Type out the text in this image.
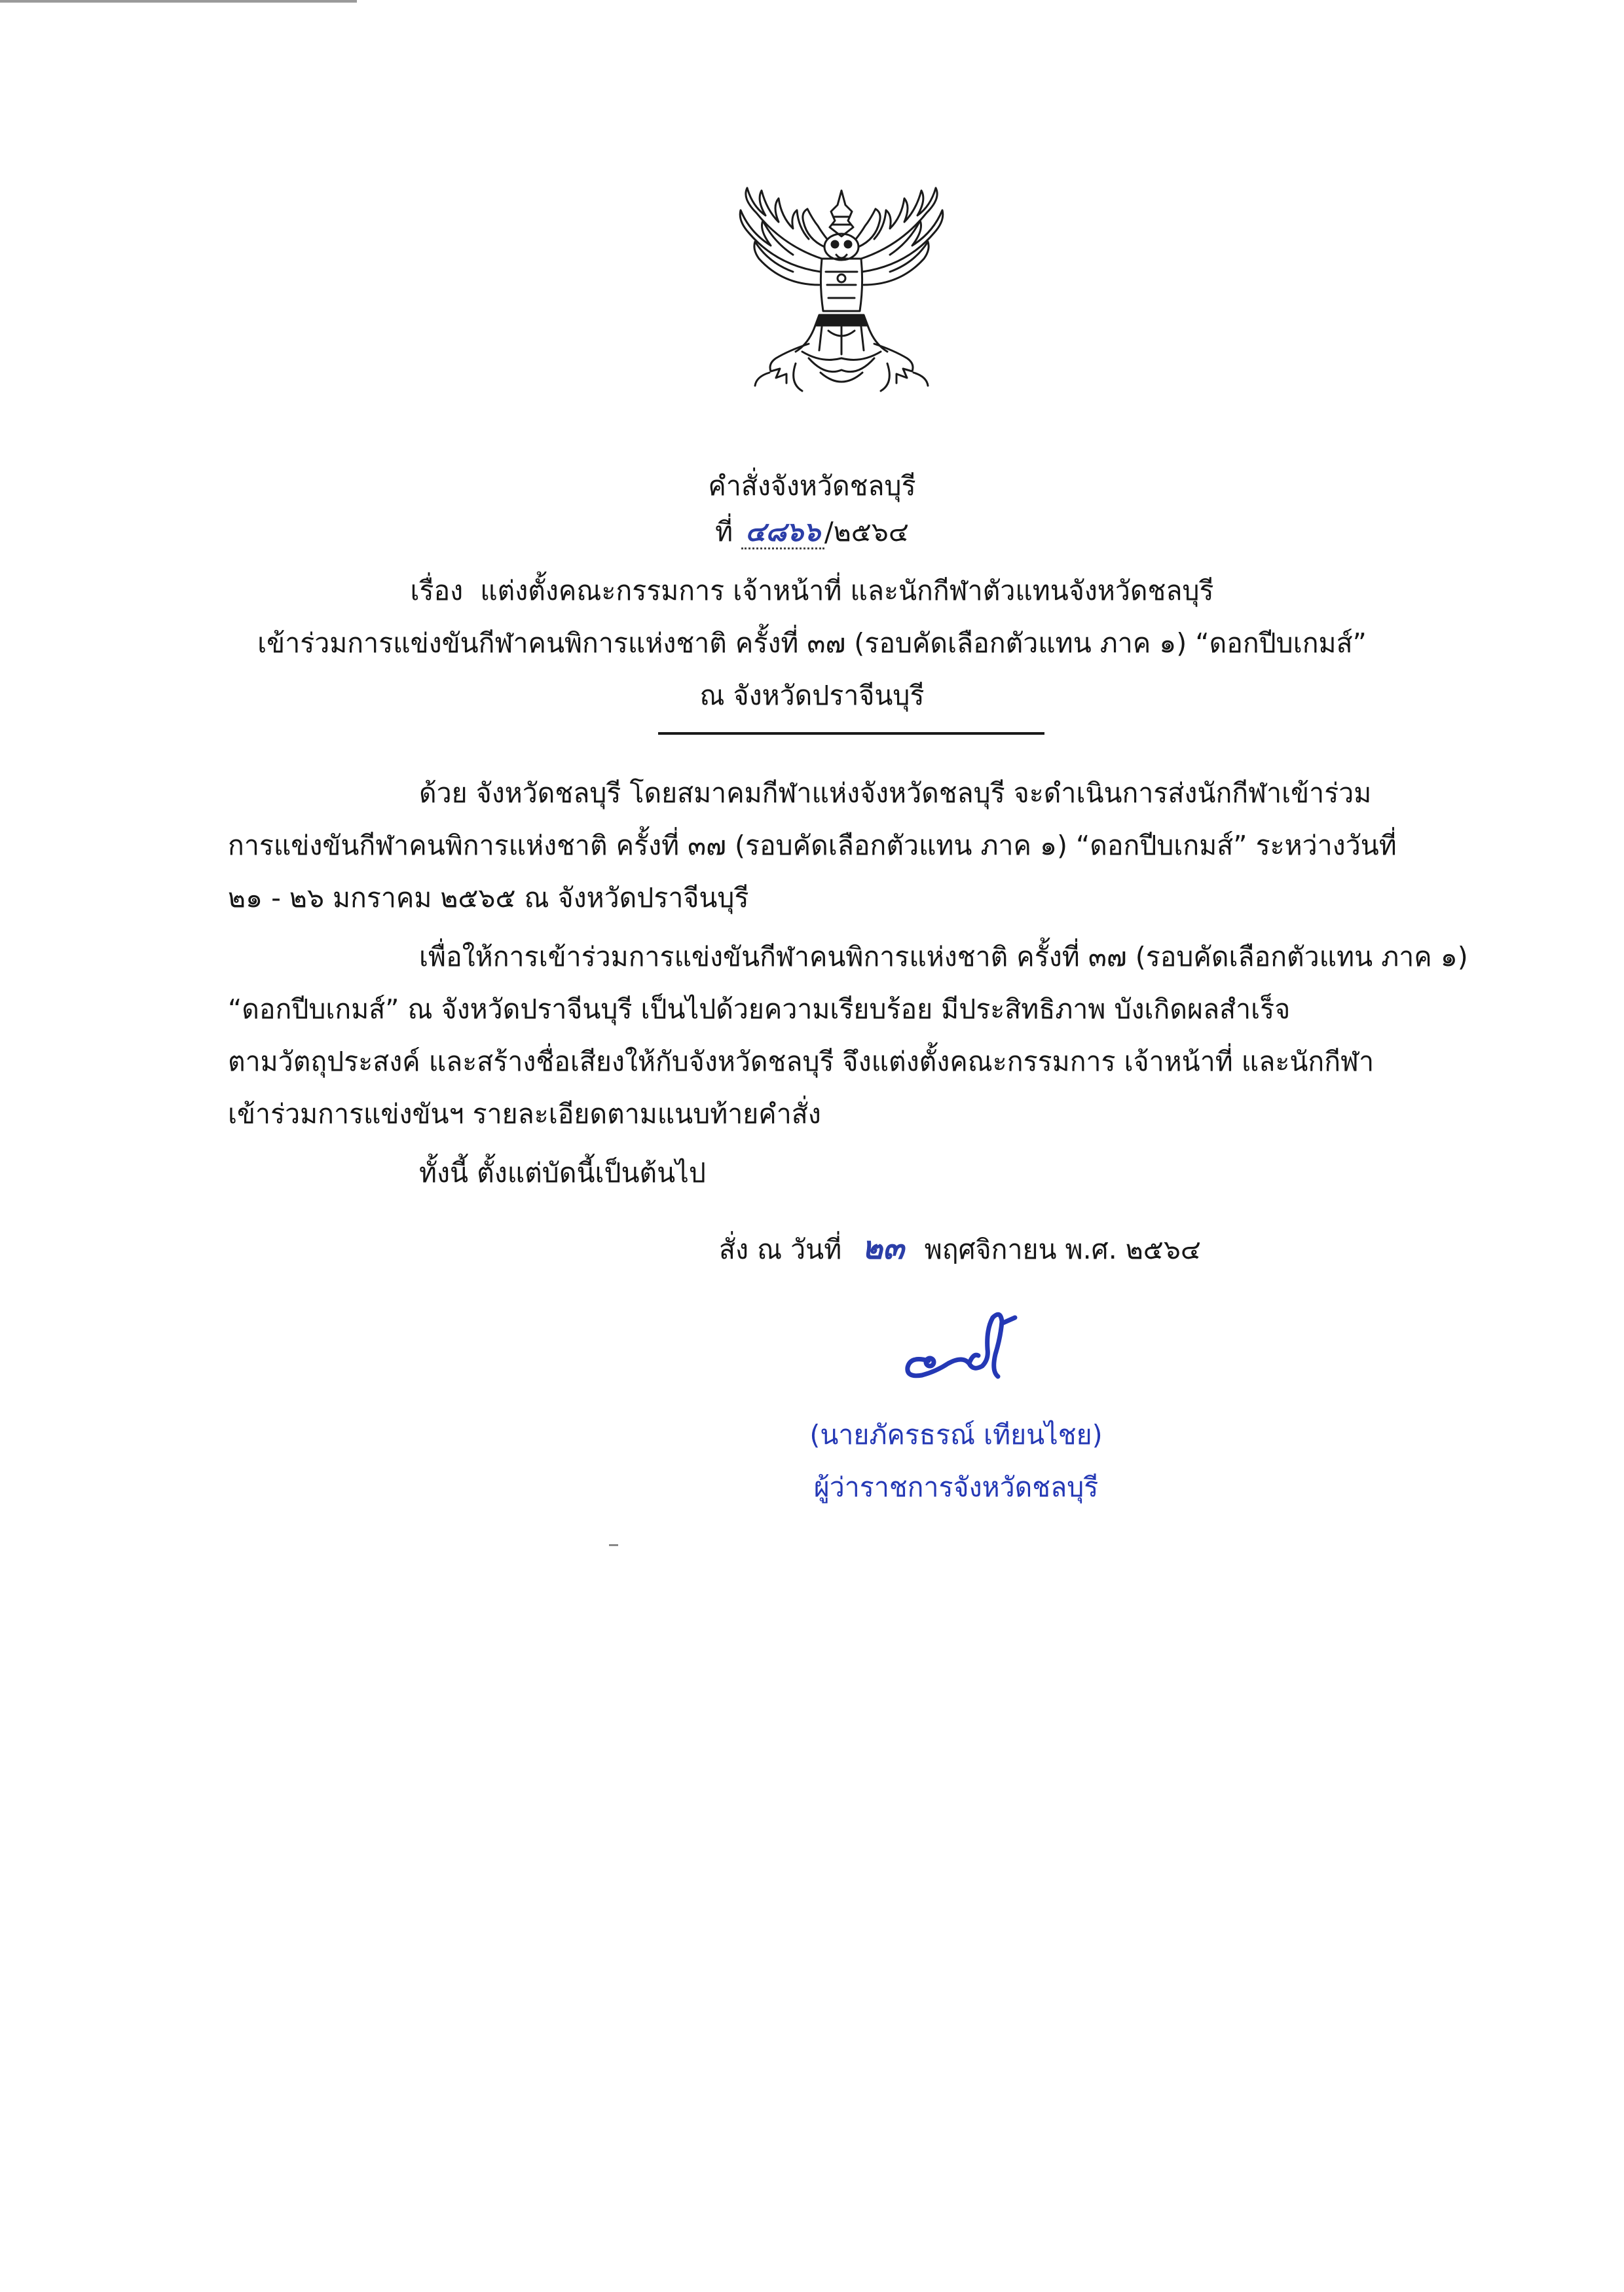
คำสั่งจังหวัดชลบุรี
ที่ ๔๘๖๖ /๒๕๖๔
เรื่อง แต่งตั้งคณะกรรมการ เจ้าหน้าที่ และนักกีฬาตัวแทนจังหวัดชลบุรี
เข้าร่วมการแข่งขันกีฬาคนพิการแห่งชาติ ครั้งที่ ๓๗ (รอบคัดเลือกตัวแทน ภาค ๑) “ดอกปีบเกมส์”
ณ จังหวัดปราจีนบุรี
ด้วย จังหวัดชลบุรี โดยสมาคมกีฬาแห่งจังหวัดชลบุรี จะดำเนินการส่งนักกีฬาเข้าร่วม
การแข่งขันกีฬาคนพิการแห่งชาติ ครั้งที่ ๓๗ (รอบคัดเลือกตัวแทน ภาค ๑) “ดอกปีบเกมส์” ระหว่างวันที่
๒๑ - ๒๖ มกราคม ๒๕๖๕ ณ จังหวัดปราจีนบุรี
เพื่อให้การเข้าร่วมการแข่งขันกีฬาคนพิการแห่งชาติ ครั้งที่ ๓๗ (รอบคัดเลือกตัวแทน ภาค ๑)
“ดอกปีบเกมส์” ณ จังหวัดปราจีนบุรี เป็นไปด้วยความเรียบร้อย มีประสิทธิภาพ บังเกิดผลสำเร็จ
ตามวัตถุประสงค์ และสร้างชื่อเสียงให้กับจังหวัดชลบุรี จึงแต่งตั้งคณะกรรมการ เจ้าหน้าที่ และนักกีฬา
เข้าร่วมการแข่งขันฯ รายละเอียดตามแนบท้ายคำสั่ง
ทั้งนี้ ตั้งแต่บัดนี้เป็นต้นไป
สั่ง ณ วันที่ ๒๓ พฤศจิกายน พ.ศ. ๒๕๖๔
(นายภัครธรณ์ เทียนไชย)
ผู้ว่าราชการจังหวัดชลบุรี
